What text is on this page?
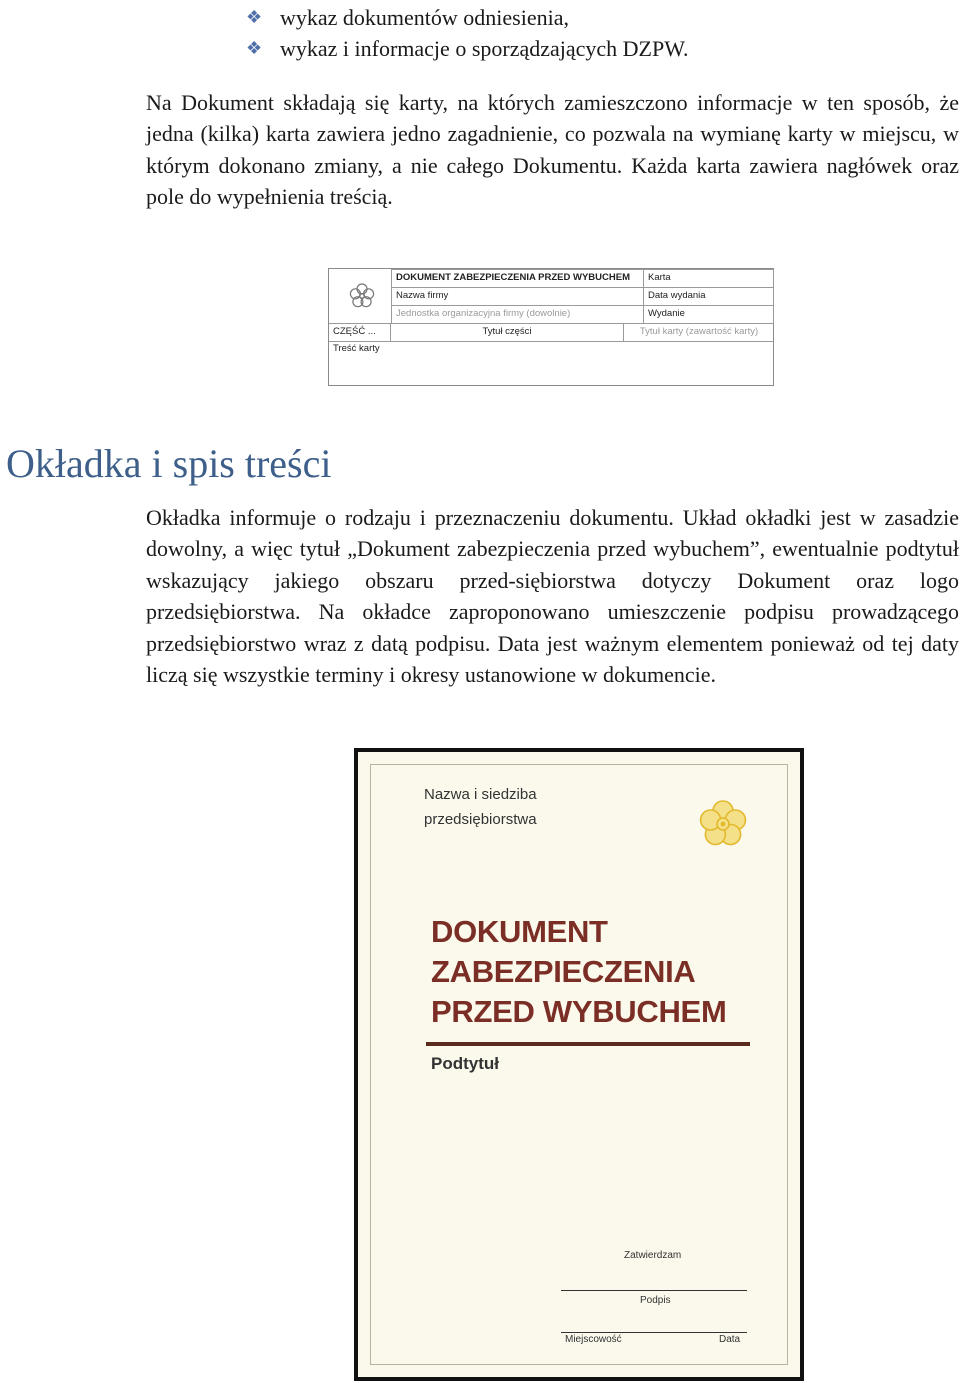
❖ wykaz dokumentów odniesienia,
❖ wykaz i informacje o sporządzających DZPW.

Na Dokument składają się karty, na których zamieszczono informacje w ten sposób, że jedna (kilka) karta zawiera jedno zagadnienie, co pozwala na wymianę karty w miejscu, w którym dokonano zmiany, a nie całego Dokumentu. Każda karta zawiera nagłówek oraz pole do wypełnienia treścią.

DOKUMENT ZABEZPIECZENIA PRZED WYBUCHEM	Karta
Nazwa firmy	Data wydania
Jednostka organizacyjna firmy (dowolnie)	Wydanie
CZĘŚĆ ...	Tytuł części	Tytuł karty (zawartość karty)
Treść karty
Okładka i spis treści

Okładka informuje o rodzaju i przeznaczeniu dokumentu. Układ okładki jest w zasadzie dowolny, a więc tytuł „Dokument zabezpieczenia przed wybuchem”, ewentualnie podtytuł wskazujący jakiego obszaru przed-siębiorstwa dotyczy Dokument oraz logo przedsiębiorstwa. Na okładce zaproponowano umieszczenie podpisu prowadzącego przedsiębiorstwo wraz z datą podpisu. Data jest ważnym elementem ponieważ od tej daty liczą się wszystkie terminy i okresy ustanowione w dokumencie.

Nazwa i siedziba
przedsiębiorstwa
DOKUMENT
ZABEZPIECZENIA
PRZED WYBUCHEM
Podtytuł
Zatwierdzam
Podpis
Miejscowość	Data
